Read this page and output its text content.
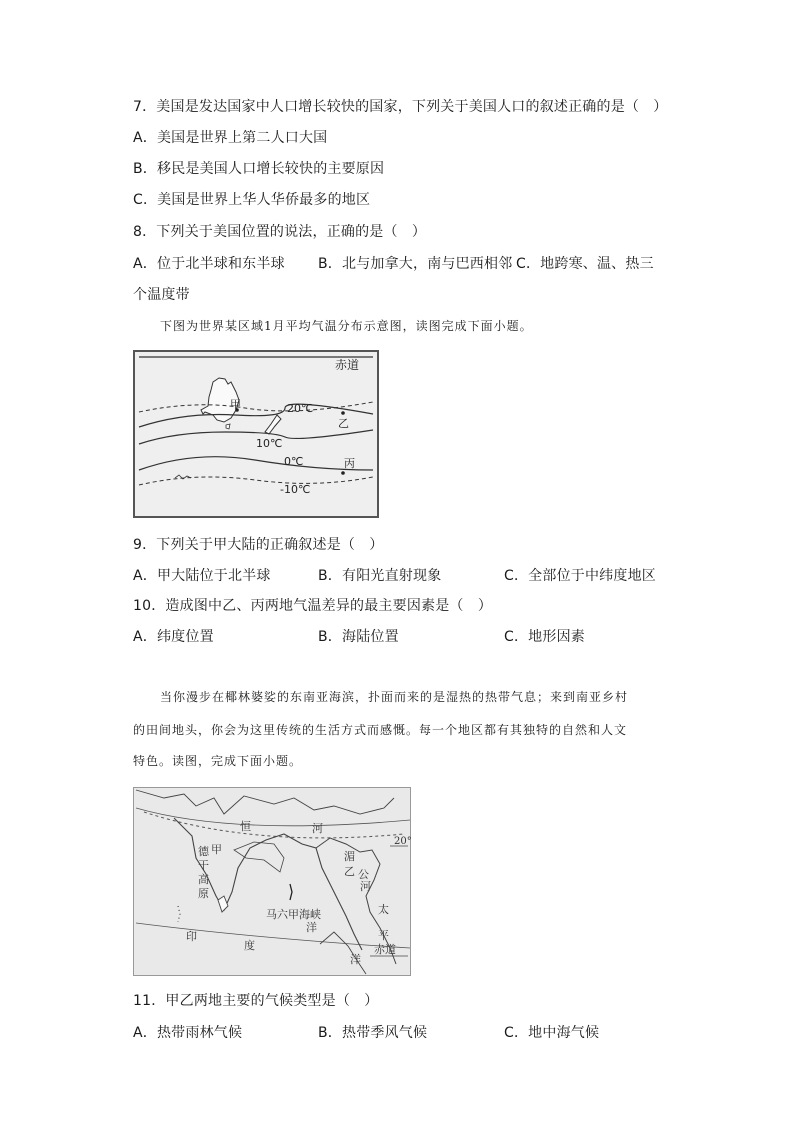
7．美国是发达国家中人口增长较快的国家，下列关于美国人口的叙述正确的是（　）
A．美国是世界上第二人口大国
B．移民是美国人口增长较快的主要原因
C．美国是世界上华人华侨最多的地区
8．下列关于美国位置的说法，正确的是（　）
A．位于北半球和东半球 B．北与加拿大，南与巴西相邻 C．地跨寒、温、热三
个温度带
下图为世界某区域1月平均气温分布示意图，读图完成下面小题。
赤道
甲	20℃
乙
10℃
0℃	丙
-10℃
9．下列关于甲大陆的正确叙述是（　）
A．甲大陆位于北半球	B．有阳光直射现象	C．全部位于中纬度地区
10．造成图中乙、丙两地气温差异的最主要因素是（　）
A．纬度位置	B．海陆位置	C．地形因素
当你漫步在椰林婆娑的东南亚海滨，扑面而来的是湿热的热带气息；来到南亚乡村
的田间地头，你会为这里传统的生活方式而感慨。每一个地区都有其独特的自然和人文
特色。读图，完成下面小题。
恒	河
德 甲
干
高
原
湄
乙 公
河
20°
马六甲海峡
洋
太
平
赤道
印
度
洋
11．甲乙两地主要的气候类型是（　）
A．热带雨林气候	B．热带季风气候	C．地中海气候
